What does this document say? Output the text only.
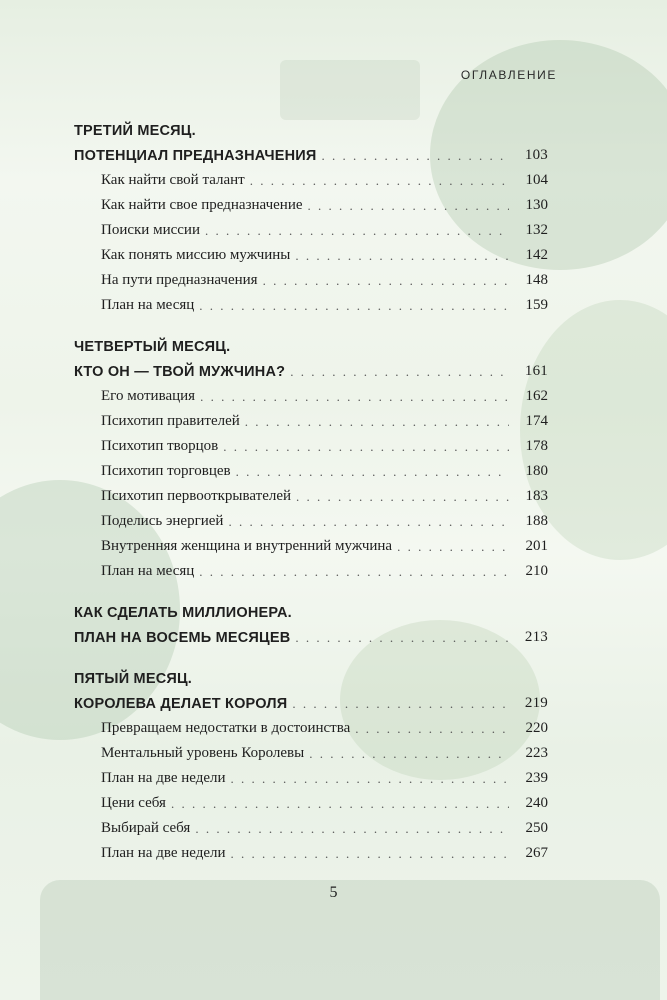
ОГЛАВЛЕНИЕ
ТРЕТИЙ МЕСЯЦ.
ПОТЕНЦИАЛ ПРЕДНАЗНАЧЕНИЯ . . .	103
Как найти свой талант . . .	104
Как найти свое предназначение . . .	130
Поиски миссии . . .	132
Как понять миссию мужчины . . .	142
На пути предназначения . . .	148
План на месяц . . .	159
ЧЕТВЕРТЫЙ МЕСЯЦ.
КТО ОН — ТВОЙ МУЖЧИНА? . . .	161
Его мотивация . . .	162
Психотип правителей . . .	174
Психотип творцов . . .	178
Психотип торговцев . . .	180
Психотип первооткрывателей . . .	183
Поделись энергией . . .	188
Внутренняя женщина и внутренний мужчина . . .	201
План на месяц . . .	210
КАК СДЕЛАТЬ МИЛЛИОНЕРА.
ПЛАН НА ВОСЕМЬ МЕСЯЦЕВ . . .	213
ПЯТЫЙ МЕСЯЦ.
КОРОЛЕВА ДЕЛАЕТ КОРОЛЯ . . .	219
Превращаем недостатки в достоинства . . .	220
Ментальный уровень Королевы . . .	223
План на две недели . . .	239
Цени себя . . .	240
Выбирай себя . . .	250
План на две недели . . .	267
5
